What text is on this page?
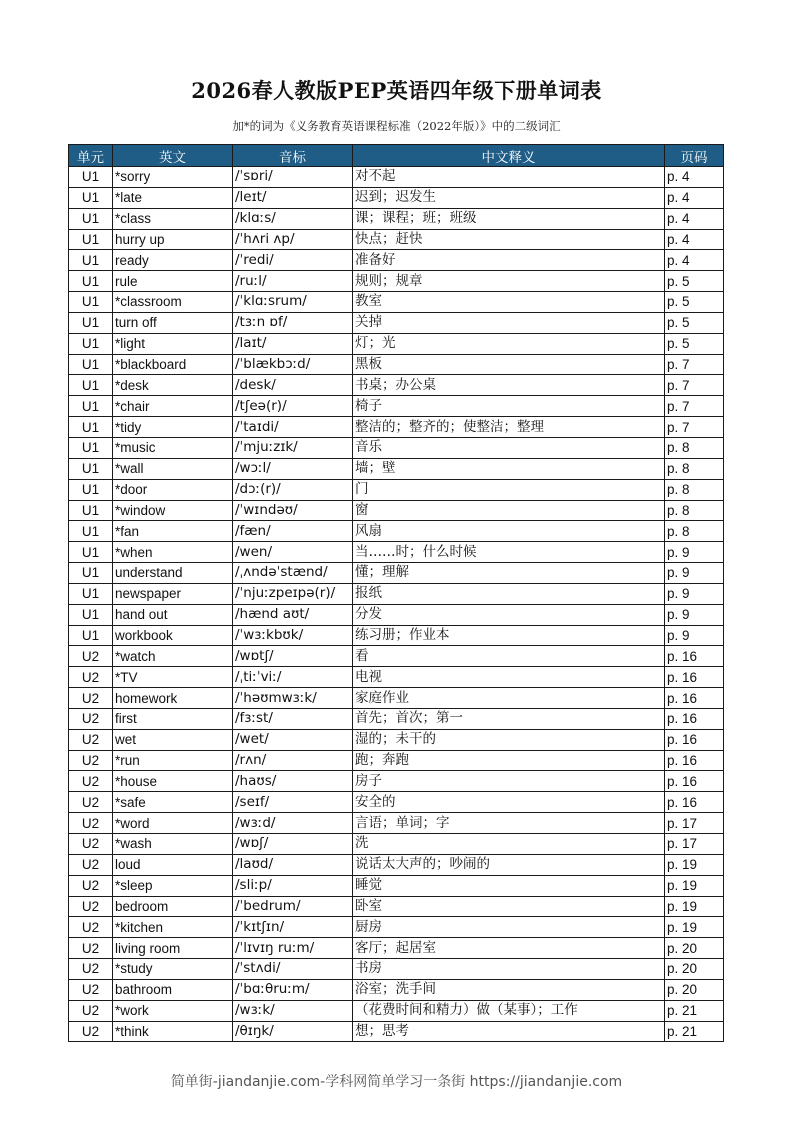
2026春人教版PEP英语四年级下册单词表
加*的词为《义务教育英语课程标准（2022年版）》中的二级词汇
单元	英文	音标	中文释义	页码
U1	*sorry	/ˈsɒri/	对不起	p. 4
U1	*late	/leɪt/	迟到；迟发生	p. 4
U1	*class	/klɑːs/	课；课程；班；班级	p. 4
U1	hurry up	/ˈhʌri ʌp/	快点；赶快	p. 4
U1	ready	/ˈredi/	准备好	p. 4
U1	rule	/ruːl/	规则；规章	p. 5
U1	*classroom	/ˈklɑːsrum/	教室	p. 5
U1	turn off	/tɜːn ɒf/	关掉	p. 5
U1	*light	/laɪt/	灯；光	p. 5
U1	*blackboard	/ˈblækbɔːd/	黑板	p. 7
U1	*desk	/desk/	书桌；办公桌	p. 7
U1	*chair	/tʃeə(r)/	椅子	p. 7
U1	*tidy	/ˈtaɪdi/	整洁的；整齐的；使整洁；整理	p. 7
U1	*music	/ˈmjuːzɪk/	音乐	p. 8
U1	*wall	/wɔːl/	墙；壁	p. 8
U1	*door	/dɔː(r)/	门	p. 8
U1	*window	/ˈwɪndəʊ/	窗	p. 8
U1	*fan	/fæn/	风扇	p. 8
U1	*when	/wen/	当……时；什么时候	p. 9
U1	understand	/ˌʌndəˈstænd/	懂；理解	p. 9
U1	newspaper	/ˈnjuːzpeɪpə(r)/	报纸	p. 9
U1	hand out	/hænd aʊt/	分发	p. 9
U1	workbook	/ˈwɜːkbʊk/	练习册；作业本	p. 9
U2	*watch	/wɒtʃ/	看	p. 16
U2	*TV	/ˌtiːˈviː/	电视	p. 16
U2	homework	/ˈhəʊmwɜːk/	家庭作业	p. 16
U2	first	/fɜːst/	首先；首次；第一	p. 16
U2	wet	/wet/	湿的；未干的	p. 16
U2	*run	/rʌn/	跑；奔跑	p. 16
U2	*house	/haʊs/	房子	p. 16
U2	*safe	/seɪf/	安全的	p. 16
U2	*word	/wɜːd/	言语；单词；字	p. 17
U2	*wash	/wɒʃ/	洗	p. 17
U2	loud	/laʊd/	说话太大声的；吵闹的	p. 19
U2	*sleep	/sliːp/	睡觉	p. 19
U2	bedroom	/ˈbedrum/	卧室	p. 19
U2	*kitchen	/ˈkɪtʃɪn/	厨房	p. 19
U2	living room	/ˈlɪvɪŋ ruːm/	客厅；起居室	p. 20
U2	*study	/ˈstʌdi/	书房	p. 20
U2	bathroom	/ˈbɑːθruːm/	浴室；洗手间	p. 20
U2	*work	/wɜːk/	（花费时间和精力）做（某事）；工作	p. 21
U2	*think	/θɪŋk/	想；思考	p. 21
简单街-jiandanjie.com-学科网简单学习一条街 https://jiandanjie.com
